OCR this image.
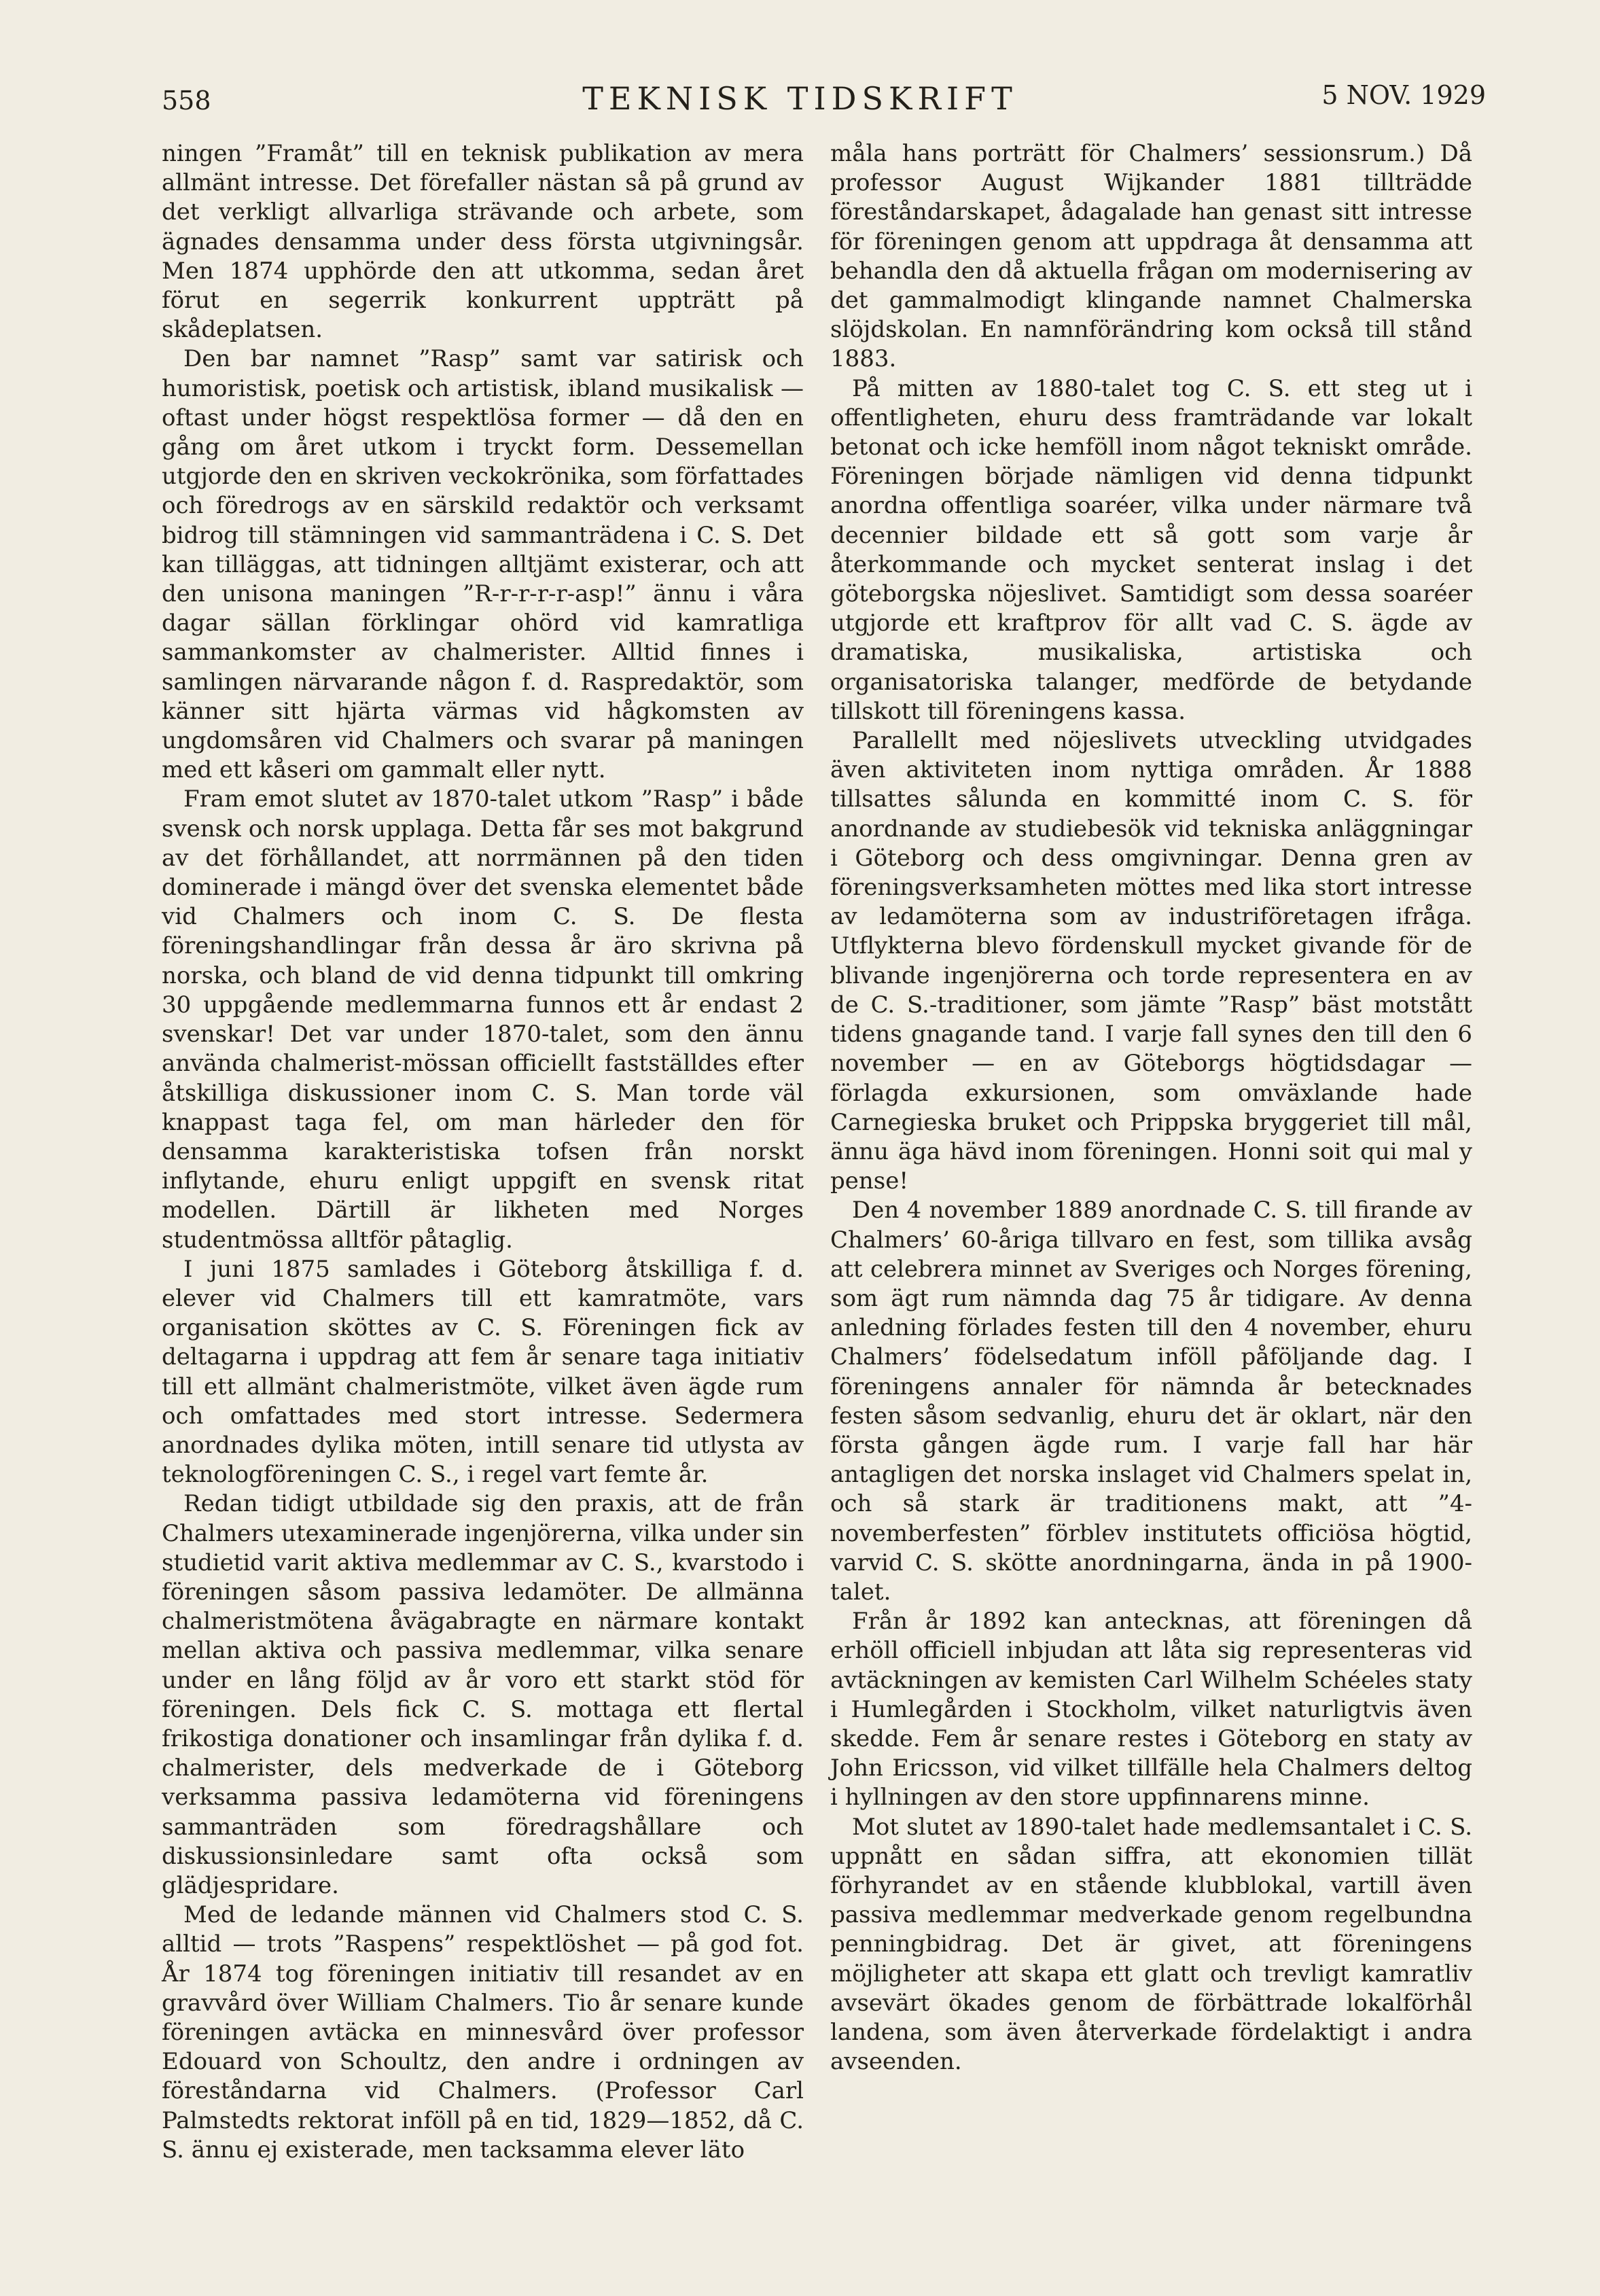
558	TEKNISK TIDSKRIFT	5 NOV. 1929

ningen ”Framåt” till en teknisk publikation av mera allmänt intresse. Det förefaller nästan så på grund av det verkligt allvarliga strävande och arbete, som ägnades densamma under dess första utgivningsår. Men 1874 upphörde den att utkomma, sedan året förut en segerrik konkurrent uppträtt på skådeplatsen.

Den bar namnet ”Rasp” samt var satirisk och humoristisk, poetisk och artistisk, ibland musikalisk — oftast under högst respektlösa former — då den en gång om året utkom i tryckt form. Dessemellan utgjorde den en skriven veckokrönika, som författades och föredrogs av en särskild redaktör och verksamt bidrog till stämningen vid sammanträdena i C. S. Det kan tilläggas, att tidningen alltjämt existerar, och att den unisona maningen ”R-r-r-r-r-asp!” ännu i våra dagar sällan förklingar ohörd vid kamratliga sammankomster av chalmerister. Alltid finnes i samlingen närvarande någon f. d. Raspredaktör, som känner sitt hjärta värmas vid hågkomsten av ungdomsåren vid Chalmers och svarar på maningen med ett kåseri om gammalt eller nytt.

Fram emot slutet av 1870-talet utkom ”Rasp” i både svensk och norsk upplaga. Detta får ses mot bakgrund av det förhållandet, att norrmännen på den tiden dominerade i mängd över det svenska elementet både vid Chalmers och inom C. S. De flesta föreningshandlingar från dessa år äro skrivna på norska, och bland de vid denna tidpunkt till omkring 30 uppgående medlemmarna funnos ett år endast 2 svenskar! Det var under 1870-talet, som den ännu använda chalmerist-mössan officiellt fastställdes efter åtskilliga diskussioner inom C. S. Man torde väl knappast taga fel, om man härleder den för densamma karakteristiska tofsen från norskt inflytande, ehuru enligt uppgift en svensk ritat modellen. Därtill är likheten med Norges studentmössa alltför påtaglig.

I juni 1875 samlades i Göteborg åtskilliga f. d. elever vid Chalmers till ett kamratmöte, vars organisation sköttes av C. S. Föreningen fick av deltagarna i uppdrag att fem år senare taga initiativ till ett allmänt chalmeristmöte, vilket även ägde rum och omfattades med stort intresse. Sedermera anordnades dylika möten, intill senare tid utlysta av teknologföreningen C. S., i regel vart femte år.

Redan tidigt utbildade sig den praxis, att de från Chalmers utexaminerade ingenjörerna, vilka under sin studietid varit aktiva medlemmar av C. S., kvarstodo i föreningen såsom passiva ledamöter. De allmänna chalmeristmötena åvägabragte en närmare kontakt mellan aktiva och passiva medlemmar, vilka senare under en lång följd av år voro ett starkt stöd för föreningen. Dels fick C. S. mottaga ett flertal frikostiga donationer och insamlingar från dylika f. d. chalmerister, dels medverkade de i Göteborg verksamma passiva ledamöterna vid föreningens sammanträden som föredragshållare och diskussionsinledare samt ofta också som glädjespridare.

Med de ledande männen vid Chalmers stod C. S. alltid — trots ”Raspens” respektlöshet — på god fot. År 1874 tog föreningen initiativ till resandet av en gravvård över William Chalmers. Tio år senare kunde föreningen avtäcka en minnesvård över professor Edouard von Schoultz, den andre i ordningen av föreståndarna vid Chalmers. (Professor Carl Palmstedts rektorat inföll på en tid, 1829—1852, då C. S. ännu ej existerade, men tacksamma elever läto

måla hans porträtt för Chalmers’ sessionsrum.) Då professor August Wijkander 1881 tillträdde föreståndarskapet, ådagalade han genast sitt intresse för föreningen genom att uppdraga åt densamma att behandla den då aktuella frågan om modernisering av det gammalmodigt klingande namnet Chalmerska slöjdskolan. En namnförändring kom också till stånd 1883.

På mitten av 1880-talet tog C. S. ett steg ut i offentligheten, ehuru dess framträdande var lokalt betonat och icke hemföll inom något tekniskt område. Föreningen började nämligen vid denna tidpunkt anordna offentliga soaréer, vilka under närmare två decennier bildade ett så gott som varje år återkommande och mycket senterat inslag i det göteborgska nöjeslivet. Samtidigt som dessa soaréer utgjorde ett kraftprov för allt vad C. S. ägde av dramatiska, musikaliska, artistiska och organisatoriska talanger, medförde de betydande tillskott till föreningens kassa.

Parallellt med nöjeslivets utveckling utvidgades även aktiviteten inom nyttiga områden. År 1888 tillsattes sålunda en kommitté inom C. S. för anordnande av studiebesök vid tekniska anläggningar i Göteborg och dess omgivningar. Denna gren av föreningsverksamheten möttes med lika stort intresse av ledamöterna som av industriföretagen ifråga. Utflykterna blevo fördenskull mycket givande för de blivande ingenjörerna och torde representera en av de C. S.-traditioner, som jämte ”Rasp” bäst motstått tidens gnagande tand. I varje fall synes den till den 6 november — en av Göteborgs högtidsdagar — förlagda exkursionen, som omväxlande hade Carnegieska bruket och Prippska bryggeriet till mål, ännu äga hävd inom föreningen. Honni soit qui mal y pense!

Den 4 november 1889 anordnade C. S. till firande av Chalmers’ 60-åriga tillvaro en fest, som tillika avsåg att celebrera minnet av Sveriges och Norges förening, som ägt rum nämnda dag 75 år tidigare. Av denna anledning förlades festen till den 4 november, ehuru Chalmers’ födelsedatum inföll påföljande dag. I föreningens annaler för nämnda år betecknades festen såsom sedvanlig, ehuru det är oklart, när den första gången ägde rum. I varje fall har här antagligen det norska inslaget vid Chalmers spelat in, och så stark är traditionens makt, att ”4-novemberfesten” förblev institutets officiösa högtid, varvid C. S. skötte anordningarna, ända in på 1900-talet.

Från år 1892 kan antecknas, att föreningen då erhöll officiell inbjudan att låta sig representeras vid avtäckningen av kemisten Carl Wilhelm Schéeles staty i Humlegården i Stockholm, vilket naturligtvis även skedde. Fem år senare restes i Göteborg en staty av John Ericsson, vid vilket tillfälle hela Chalmers deltog i hyllningen av den store uppfinnarens minne.

Mot slutet av 1890-talet hade medlemsantalet i C. S. uppnått en sådan siffra, att ekonomien tillät förhyrandet av en stående klubblokal, vartill även passiva medlemmar medverkade genom regelbundna penningbidrag. Det är givet, att föreningens möjligheter att skapa ett glatt och trevligt kamratliv avsevärt ökades genom de förbättrade lokalförhål landena, som även återverkade fördelaktigt i andra avseenden.
